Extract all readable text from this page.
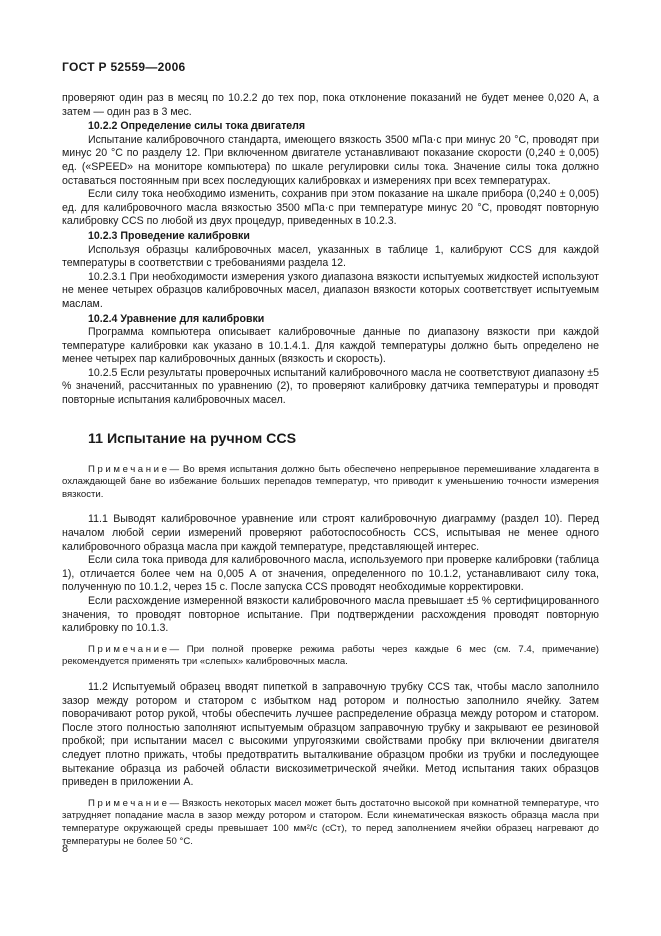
ГОСТ Р 52559—2006

проверяют один раз в месяц по 10.2.2 до тех пор, пока отклонение показаний не будет менее 0,020 А, а затем — один раз в 3 мес.

10.2.2 Определение силы тока двигателя

Испытание калибровочного стандарта, имеющего вязкость 3500 мПа·с при минус 20 °С, проводят при минус 20 °С по разделу 12. При включенном двигателе устанавливают показание скорости (0,240 ± 0,005) ед. («SPEED» на мониторе компьютера) по шкале регулировки силы тока. Значение силы тока должно оставаться постоянным при всех последующих калибровках и измерениях при всех температурах.

Если силу тока необходимо изменить, сохранив при этом показание на шкале прибора (0,240 ± 0,005) ед. для калибровочного масла вязкостью 3500 мПа·с при температуре минус 20 °С, проводят повторную калибровку CCS по любой из двух процедур, приведенных в 10.2.3.

10.2.3 Проведение калибровки

Используя образцы калибровочных масел, указанных в таблице 1, калибруют CCS для каждой температуры в соответствии с требованиями раздела 12.

10.2.3.1 При необходимости измерения узкого диапазона вязкости испытуемых жидкостей используют не менее четырех образцов калибровочных масел, диапазон вязкости которых соответствует испытуемым маслам.

10.2.4 Уравнение для калибровки

Программа компьютера описывает калибровочные данные по диапазону вязкости при каждой температуре калибровки как указано в 10.1.4.1. Для каждой температуры должно быть определено не менее четырех пар калибровочных данных (вязкость и скорость).

10.2.5 Если результаты проверочных испытаний калибровочного масла не соответствуют диапазону ±5 % значений, рассчитанных по уравнению (2), то проверяют калибровку датчика температуры и проводят повторные испытания калибровочных масел.

11 Испытание на ручном CCS

Примечание— Во время испытания должно быть обеспечено непрерывное перемешивание хладагента в охлаждающей бане во избежание больших перепадов температур, что приводит к уменьшению точности измерения вязкости.

11.1 Выводят калибровочное уравнение или строят калибровочную диаграмму (раздел 10). Перед началом любой серии измерений проверяют работоспособность CCS, испытывая не менее одного калибровочного образца масла при каждой температуре, представляющей интерес.

Если сила тока привода для калибровочного масла, используемого при проверке калибровки (таблица 1), отличается более чем на 0,005 А от значения, определенного по 10.1.2, устанавливают силу тока, полученную по 10.1.2, через 15 с. После запуска CCS проводят необходимые корректировки.

Если расхождение измеренной вязкости калибровочного масла превышает ±5 % сертифицированного значения, то проводят повторное испытание. При подтверждении расхождения проводят повторную калибровку по 10.1.3.

Примечание— При полной проверке режима работы через каждые 6 мес (см. 7.4, примечание) рекомендуется применять три «слепых» калибровочных масла.

11.2 Испытуемый образец вводят пипеткой в заправочную трубку CCS так, чтобы масло заполнило зазор между ротором и статором с избытком над ротором и полностью заполнило ячейку. Затем поворачивают ротор рукой, чтобы обеспечить лучшее распределение образца между ротором и статором. После этого полностью заполняют испытуемым образцом заправочную трубку и закрывают ее резиновой пробкой; при испытании масел с высокими упругоязкими свойствами пробку при включении двигателя следует плотно прижать, чтобы предотвратить выталкивание образцом пробки из трубки и последующее вытекание образца из рабочей области вискозиметрической ячейки. Метод испытания таких образцов приведен в приложении А.

Примечание— Вязкость некоторых масел может быть достаточно высокой при комнатной температуре, что затрудняет попадание масла в зазор между ротором и статором. Если кинематическая вязкость образца масла при температуре окружающей среды превышает 100 мм²/с (сСт), то перед заполнением ячейки образец нагревают до температуры не более 50 °С.

8
